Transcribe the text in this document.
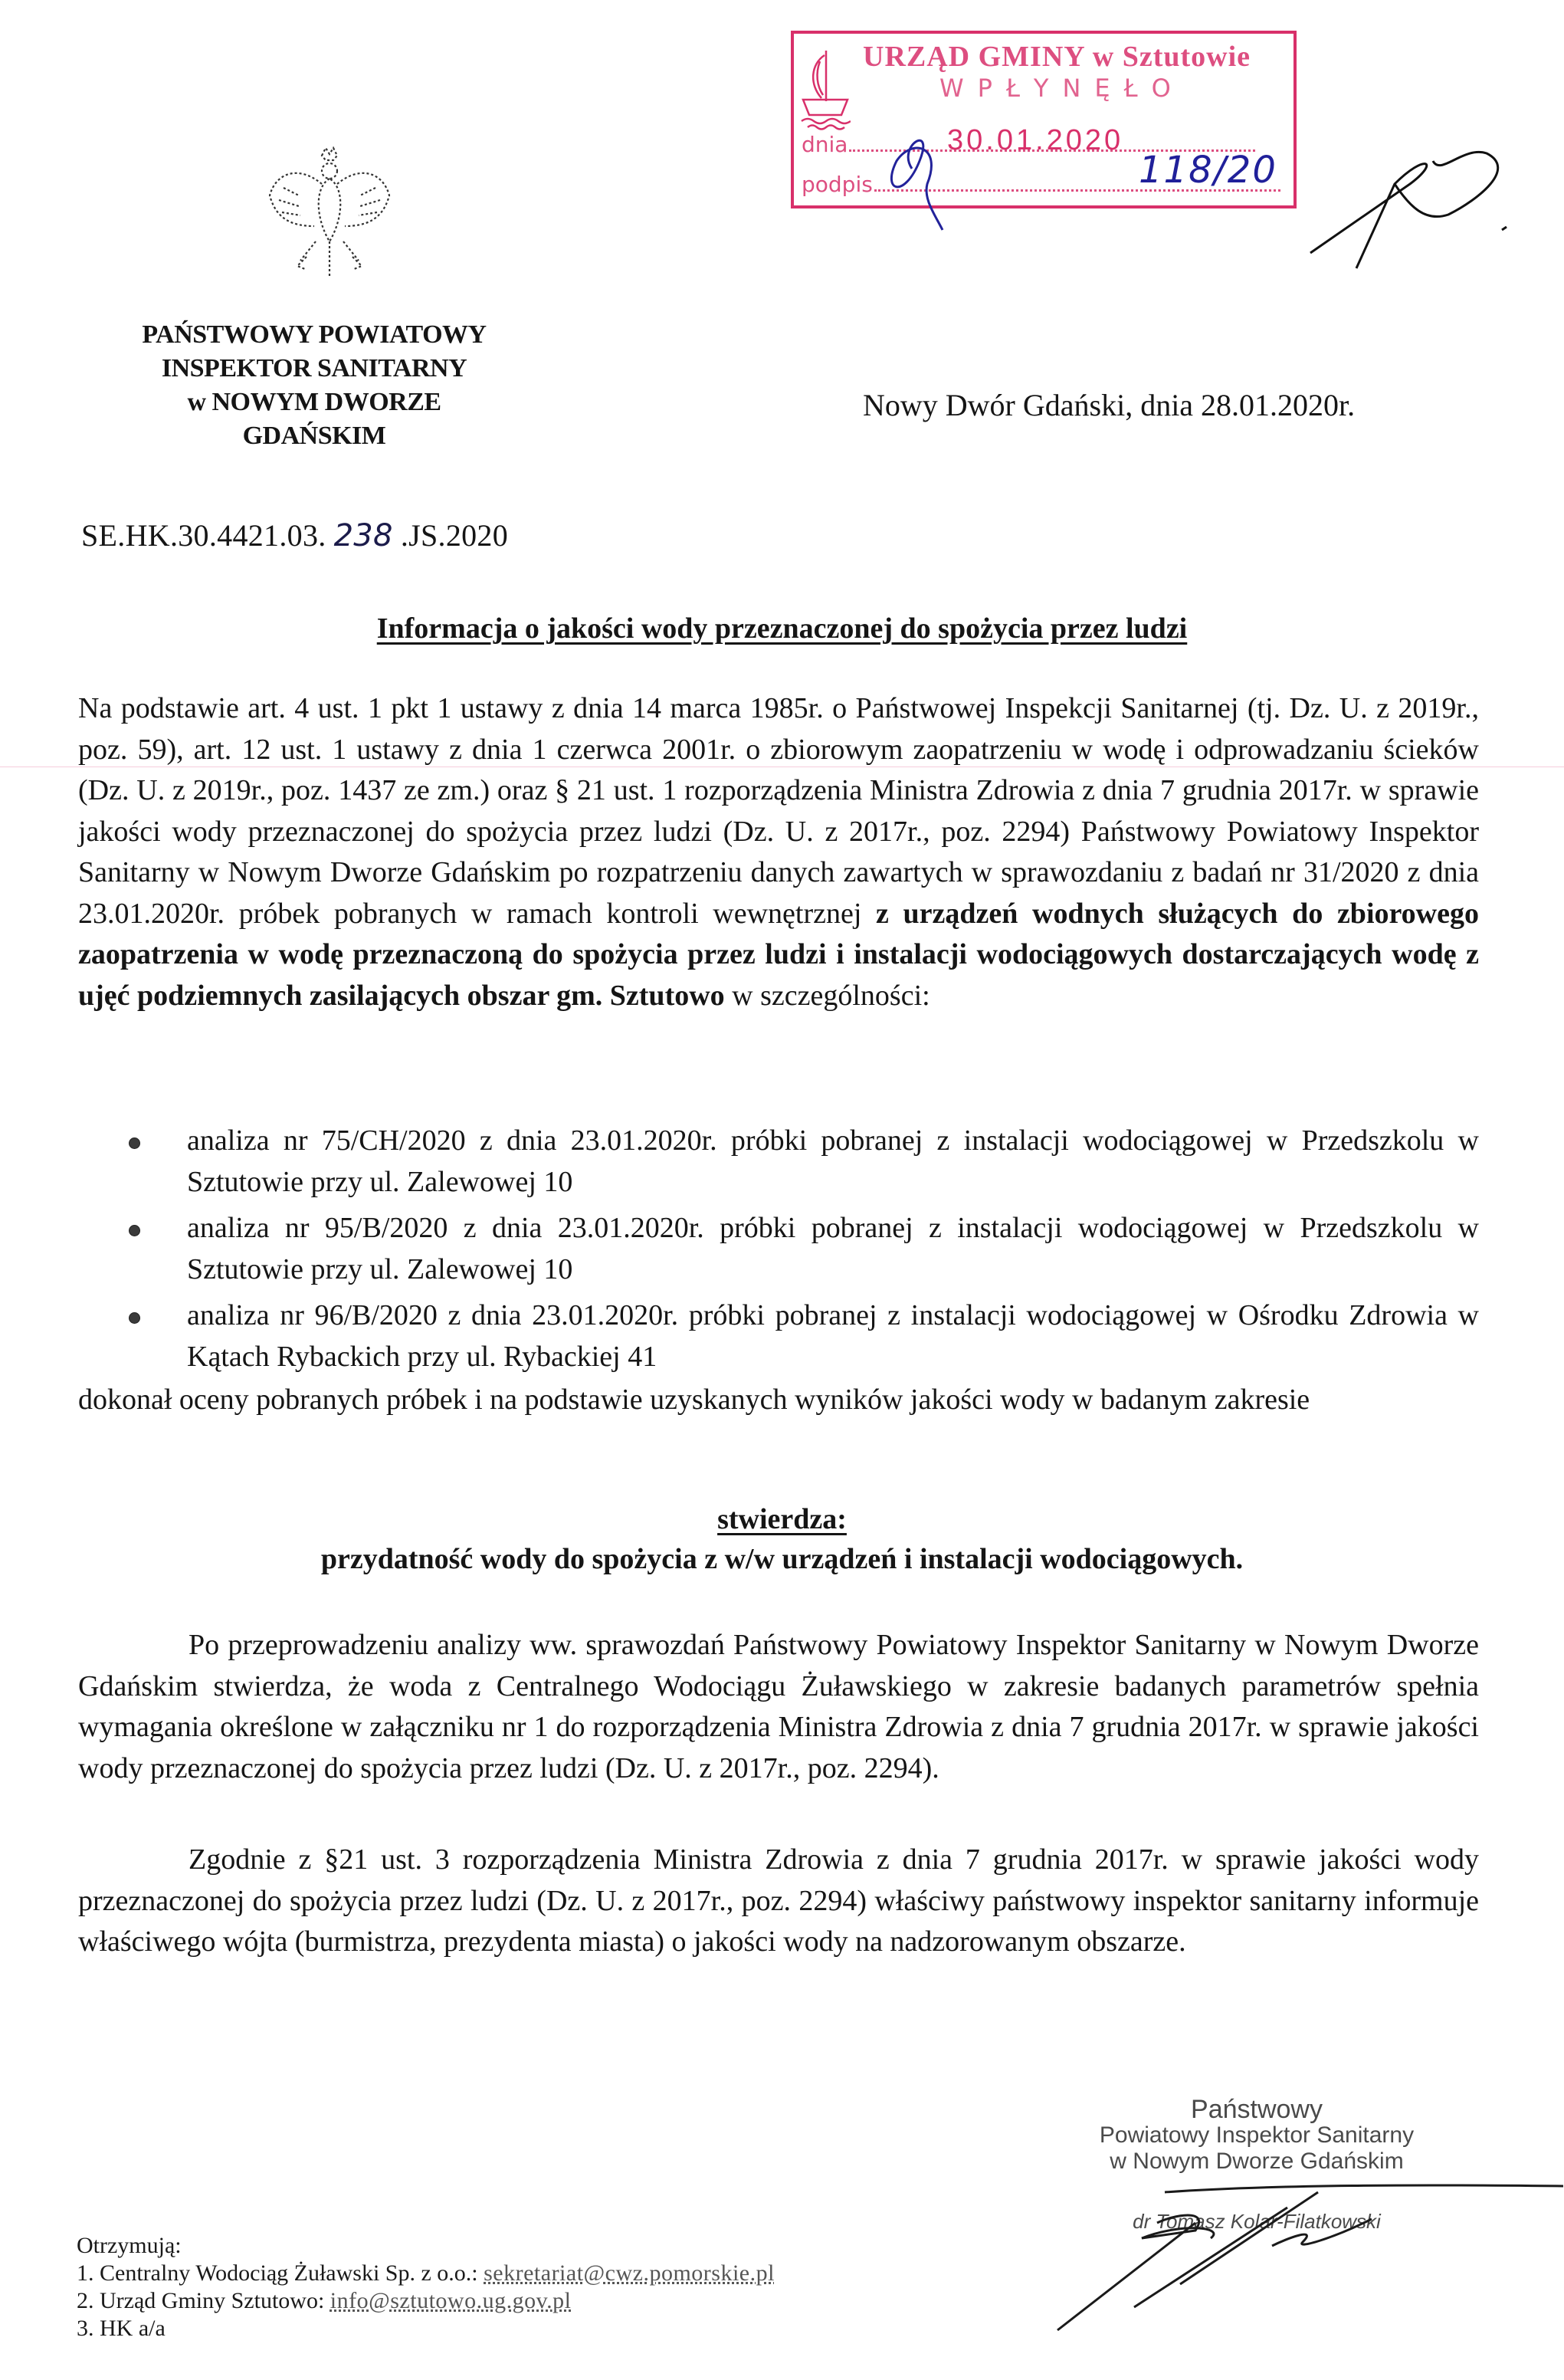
PAŃSTWOWY POWIATOWY
INSPEKTOR SANITARNY
w NOWYM DWORZE
GDAŃSKIM
SE.HK.30.4421.03. 238 .JS.2020
Nowy Dwór Gdański, dnia 28.01.2020r.
URZĄD GMINY w Sztutowie
WPŁYNĘŁO
dnia	30.01.2020
podpis	118/20
Informacja o jakości wody przeznaczonej do spożycia przez ludzi
Na podstawie art. 4 ust. 1 pkt 1 ustawy z dnia 14 marca 1985r. o Państwowej Inspekcji Sanitarnej (tj. Dz. U. z 2019r., poz. 59), art. 12 ust. 1 ustawy z dnia 1 czerwca 2001r. o zbiorowym zaopatrzeniu w wodę i odprowadzaniu ścieków (Dz. U. z 2019r., poz. 1437 ze zm.) oraz § 21 ust. 1 rozporządzenia Ministra Zdrowia z dnia 7 grudnia 2017r. w sprawie jakości wody przeznaczonej do spożycia przez ludzi (Dz. U. z 2017r., poz. 2294) Państwowy Powiatowy Inspektor Sanitarny w Nowym Dworze Gdańskim po rozpatrzeniu danych zawartych w sprawozdaniu z badań nr 31/2020 z dnia 23.01.2020r. próbek pobranych w ramach kontroli wewnętrznej z urządzeń wodnych służących do zbiorowego zaopatrzenia w wodę przeznaczoną do spożycia przez ludzi i instalacji wodociągowych dostarczających wodę z ujęć podziemnych zasilających obszar gm. Sztutowo w szczególności:
analiza nr 75/CH/2020 z dnia 23.01.2020r. próbki pobranej z instalacji wodociągowej w Przedszkolu w Sztutowie przy ul. Zalewowej 10
analiza nr 95/B/2020 z dnia 23.01.2020r. próbki pobranej z instalacji wodociągowej w Przedszkolu w Sztutowie przy ul. Zalewowej 10
analiza nr 96/B/2020 z dnia 23.01.2020r. próbki pobranej z instalacji wodociągowej w Ośrodku Zdrowia w Kątach Rybackich przy ul. Rybackiej 41
dokonał oceny pobranych próbek i na podstawie uzyskanych wyników jakości wody w badanym zakresie
stwierdza:
przydatność wody do spożycia z w/w urządzeń i instalacji wodociągowych.
Po przeprowadzeniu analizy ww. sprawozdań Państwowy Powiatowy Inspektor Sanitarny w Nowym Dworze Gdańskim stwierdza, że woda z Centralnego Wodociągu Żuławskiego w zakresie badanych parametrów spełnia wymagania określone w załączniku nr 1 do rozporządzenia Ministra Zdrowia z dnia 7 grudnia 2017r. w sprawie jakości wody przeznaczonej do spożycia przez ludzi (Dz. U. z 2017r., poz. 2294).
Zgodnie z §21 ust. 3 rozporządzenia Ministra Zdrowia z dnia 7 grudnia 2017r. w sprawie jakości wody przeznaczonej do spożycia przez ludzi (Dz. U. z 2017r., poz. 2294) właściwy państwowy inspektor sanitarny informuje właściwego wójta (burmistrza, prezydenta miasta) o jakości wody na nadzorowanym obszarze.
Państwowy
Powiatowy Inspektor Sanitarny
w Nowym Dworze Gdańskim
dr Tomasz Kolar-Filatkowski
Otrzymują:
1. Centralny Wodociąg Żuławski Sp. z o.o.: sekretariat@cwz.pomorskie.pl
2. Urząd Gminy Sztutowo: info@sztutowo.ug.gov.pl
3. HK a/a
